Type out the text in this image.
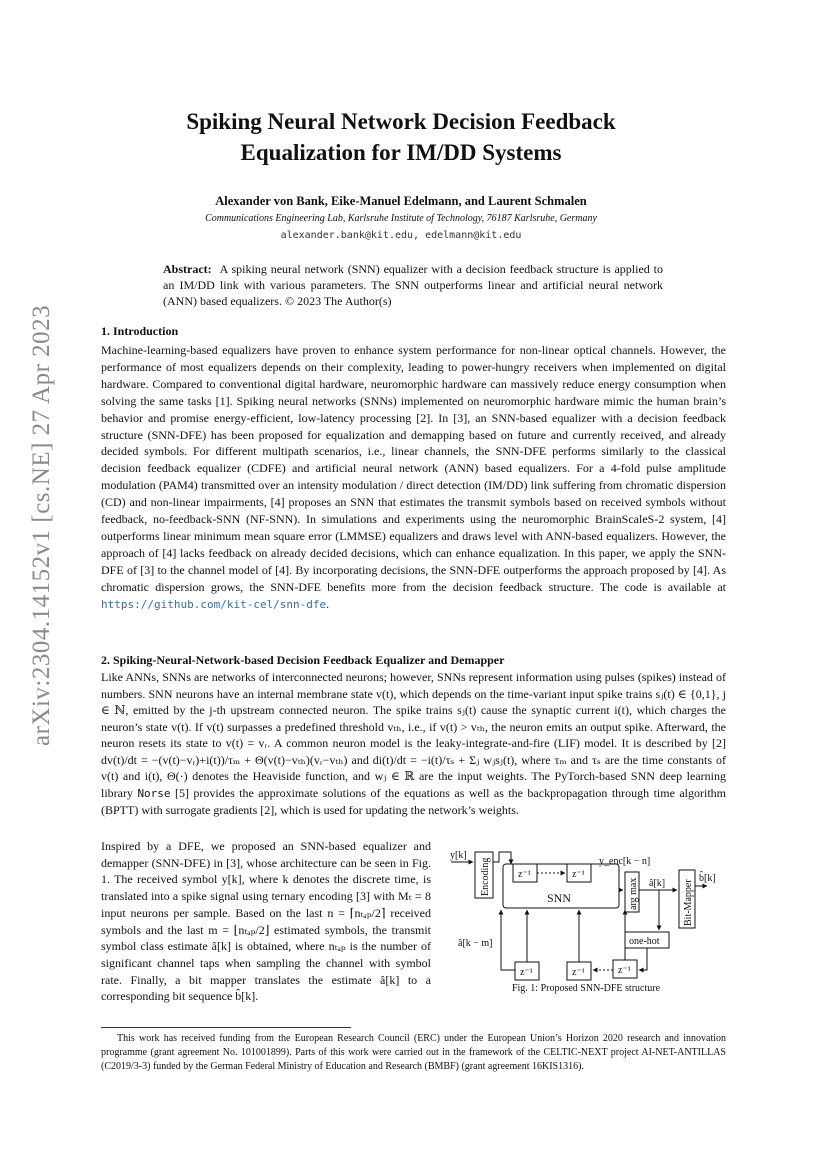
arXiv:2304.14152v1 [cs.NE] 27 Apr 2023
Spiking Neural Network Decision Feedback
Equalization for IM/DD Systems
Alexander von Bank, Eike-Manuel Edelmann, and Laurent Schmalen
Communications Engineering Lab, Karlsruhe Institute of Technology, 76187 Karlsruhe, Germany
alexander.bank@kit.edu, edelmann@kit.edu
Abstract: A spiking neural network (SNN) equalizer with a decision feedback structure is applied to an IM/DD link with various parameters. The SNN outperforms linear and artificial neural network (ANN) based equalizers. © 2023 The Author(s)
1. Introduction
Machine-learning-based equalizers have proven to enhance system performance for non-linear optical channels. However, the performance of most equalizers depends on their complexity, leading to power-hungry receivers when implemented on digital hardware. Compared to conventional digital hardware, neuromorphic hardware can massively reduce energy consumption when solving the same tasks [1]. Spiking neural networks (SNNs) implemented on neuromorphic hardware mimic the human brain’s behavior and promise energy-efficient, low-latency processing [2]. In [3], an SNN-based equalizer with a decision feedback structure (SNN-DFE) has been proposed for equalization and demapping based on future and currently received, and already decided symbols. For different multipath scenarios, i.e., linear channels, the SNN-DFE performs similarly to the classical decision feedback equalizer (CDFE) and artificial neural network (ANN) based equalizers. For a 4-fold pulse amplitude modulation (PAM4) transmitted over an intensity modulation / direct detection (IM/DD) link suffering from chromatic dispersion (CD) and non-linear impairments, [4] proposes an SNN that estimates the transmit symbols based on received symbols without feedback, no-feedback-SNN (NF-SNN). In simulations and experiments using the neuromorphic BrainScaleS-2 system, [4] outperforms linear minimum mean square error (LMMSE) equalizers and draws level with ANN-based equalizers. However, the approach of [4] lacks feedback on already decided decisions, which can enhance equalization. In this paper, we apply the SNN-DFE of [3] to the channel model of [4]. By incorporating decisions, the SNN-DFE outperforms the approach proposed by [4]. As chromatic dispersion grows, the SNN-DFE benefits more from the decision feedback structure. The code is available at https://github.com/kit-cel/snn-dfe.
2. Spiking-Neural-Network-based Decision Feedback Equalizer and Demapper
Like ANNs, SNNs are networks of interconnected neurons; however, SNNs represent information using pulses (spikes) instead of numbers. SNN neurons have an internal membrane state v(t), which depends on the time-variant input spike trains sⱼ(t) ∈ {0,1}, j ∈ ℕ, emitted by the j-th upstream connected neuron. The spike trains sⱼ(t) cause the synaptic current i(t), which charges the neuron’s state v(t). If v(t) surpasses a predefined threshold vₜₕ, i.e., if v(t) > vₜₕ, the neuron emits an output spike. Afterward, the neuron resets its state to v(t) = vᵣ. A common neuron model is the leaky-integrate-and-fire (LIF) model. It is described by [2] dv(t)/dt = −(v(t)−vᵣ)+i(t))/τₘ + Θ(v(t)−vₜₕ)(vᵣ−vₜₕ) and di(t)/dt = −i(t)/τₛ + Σⱼ wⱼsⱼ(t), where τₘ and τₛ are the time constants of v(t) and i(t), Θ(·) denotes the Heaviside function, and wⱼ ∈ ℝ are the input weights. The PyTorch-based SNN deep learning library Norse [5] provides the approximate solutions of the equations as well as the backpropagation through time algorithm (BPTT) with surrogate gradients [2], which is used for updating the network’s weights.
Inspired by a DFE, we proposed an SNN-based equalizer and demapper (SNN-DFE) in [3], whose architecture can be seen in Fig. 1. The received symbol y[k], where k denotes the discrete time, is translated into a spike signal using ternary encoding [3] with Mₜ = 8 input neurons per sample. Based on the last n = ⌈nₜₐₚ/2⌉ received symbols and the last m = ⌊nₜₐₚ/2⌋ estimated symbols, the transmit symbol class estimate â[k] is obtained, where nₜₐₚ is the number of significant channel taps when sampling the channel with symbol rate. Finally, a bit mapper translates the estimate â[k] to a corresponding bit sequence b̂[k].
y[k]
Encoding	z⁻¹	z⁻¹
y_enc[k − n]
SNN	arg max â[k]
one-hot
Bit-Mapper
b̂[k]
â[k − m]
z⁻¹	z⁻¹	z⁻¹
Fig. 1: Proposed SNN-DFE structure
This work has received funding from the European Research Council (ERC) under the European Union’s Horizon 2020 research and innovation programme (grant agreement No. 101001899). Parts of this work were carried out in the framework of the CELTIC-NEXT project AI-NET-ANTILLAS (C2019/3-3) funded by the German Federal Ministry of Education and Research (BMBF) (grant agreement 16KIS1316).
